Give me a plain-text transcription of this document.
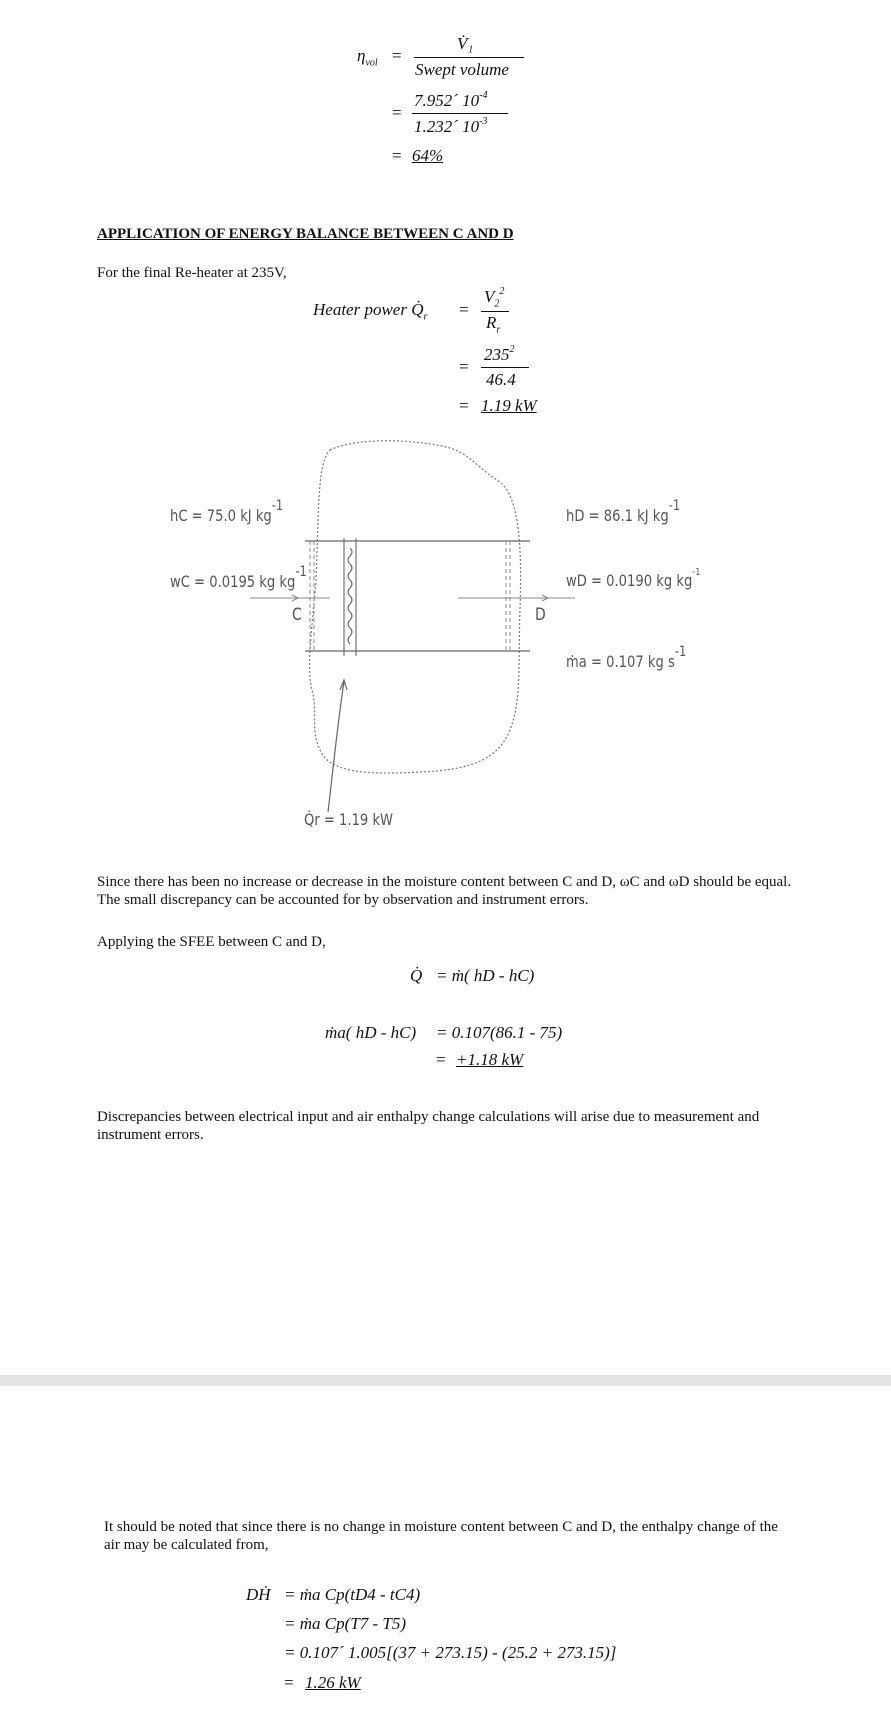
$\eta_{vol}$ =
V̇₁
Swept volume
=
7.952´ $10^{-4}$
1.232´ $10^{-3}$
= 64%
APPLICATION OF ENERGY BALANCE BETWEEN C AND D
For the final Re-heater at 235V,
Heater power $Q̇_r$ =
$V_2^2$
$R_r$
=
$235^2$
46.4
= 1.19 kW
hC = 75.0 kJ $kg^{-1}$
wC = 0.0195 kg $kg^{-1}$
C	D
hD = 86.1 kJ $kg^{-1}$
wD = 0.0190 kg $kg^{-1}$
ṁa = 0.107 kg $s^{-1}$
Q̇r = 1.19 kW
Since there has been no increase or decrease in the moisture content between C and D, ωC and ωD should be equal. The small discrepancy can be accounted for by observation and instrument errors.
Applying the SFEE between C and D,
Q̇ = ṁ( hD - hC)
ṁa( hD - hC) = 0.107(86.1 - 75)
= +1.18 kW
Discrepancies between electrical input and air enthalpy change calculations will arise due to measurement and instrument errors.
It should be noted that since there is no change in moisture content between C and D, the enthalpy change of the air may be calculated from,
DḢ = ṁa Cp(tD4 - tC4)
= ṁa Cp(T7 - T5)
= 0.107´ 1.005[(37 + 273.15) - (25.2 + 273.15)]
= 1.26 kW
